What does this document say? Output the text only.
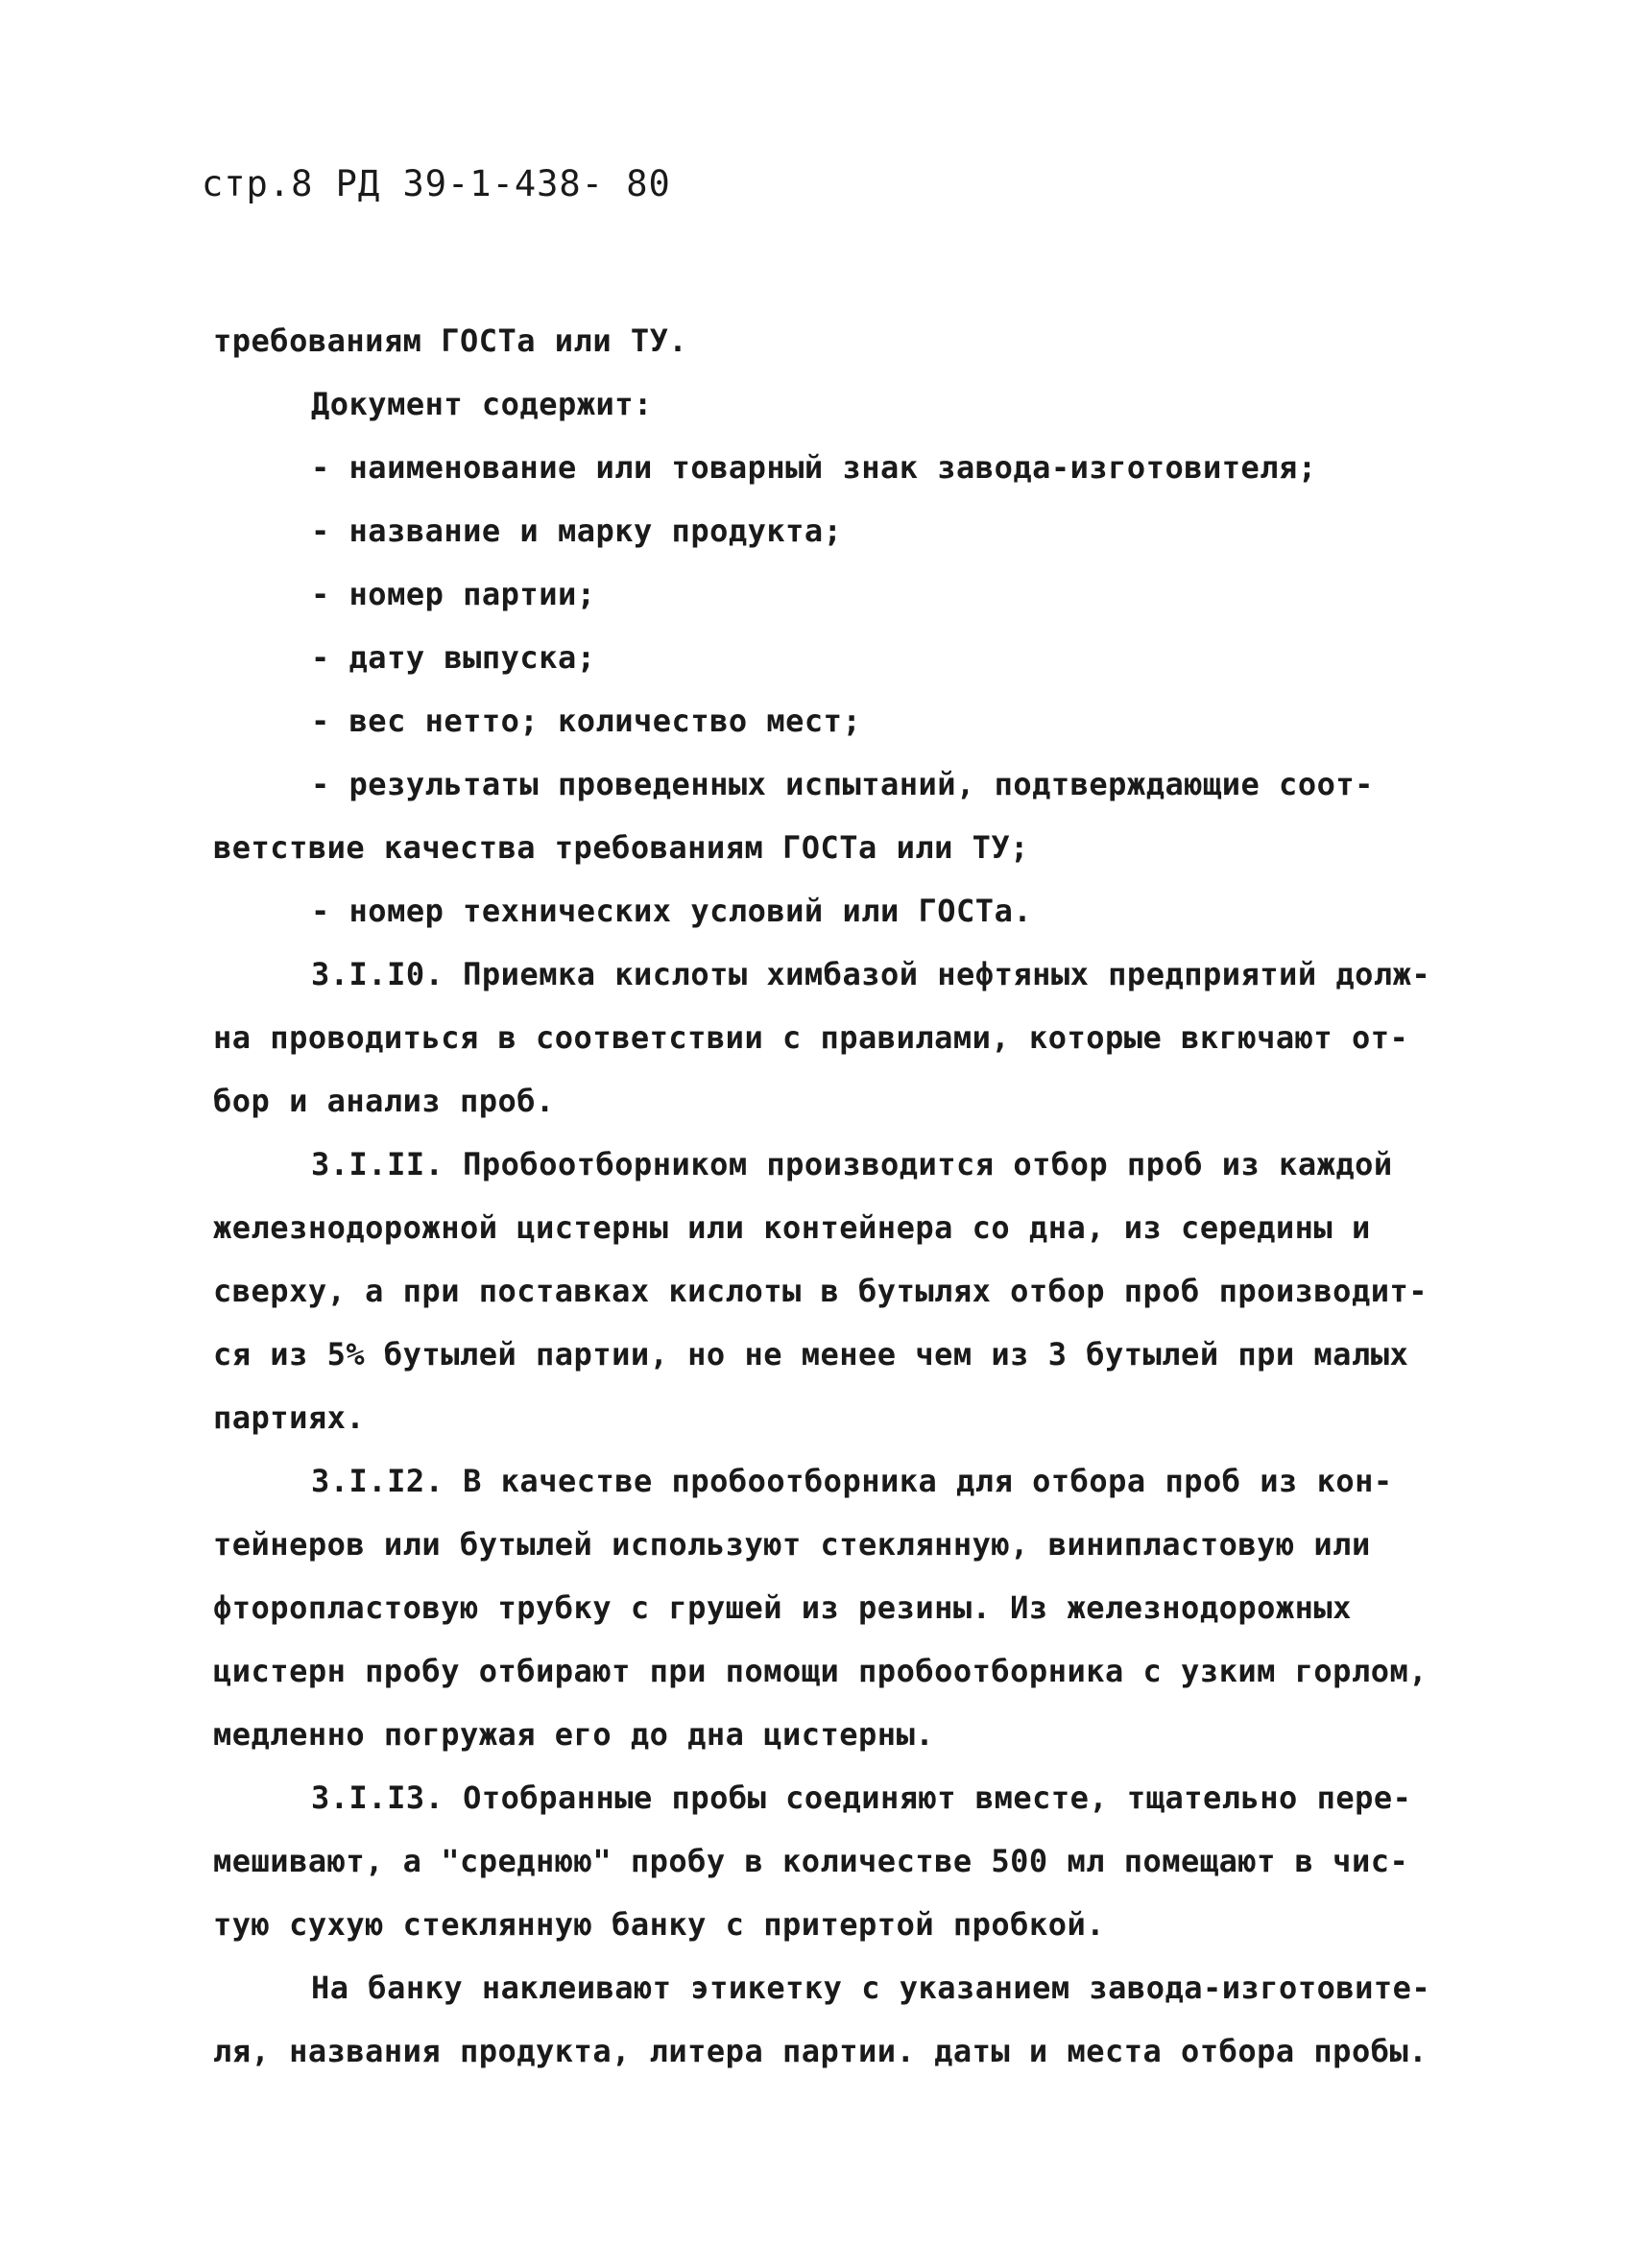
стр.8 РД 39-1-438- 80
требованиям ГОСТа или ТУ.
Документ содержит:
- наименование или товарный знак завода-изготовителя;
- название и марку продукта;
- номер партии;
- дату выпуска;
- вес нетто; количество мест;
- результаты проведенных испытаний, подтверждающие соот-
ветствие качества требованиям ГОСТа или ТУ;
- номер технических условий или ГОСТа.
3.I.I0. Приемка кислоты химбазой нефтяных предприятий долж-
на проводиться в соответствии с правилами, которые вкгючают от-
бор и анализ проб.
3.I.II. Пробоотборником производится отбор проб из каждой
железнодорожной цистерны или контейнера со дна, из середины и
сверху, а при поставках кислоты в бутылях отбор проб производит-
ся из 5% бутылей партии, но не менее чем из 3 бутылей при малых
партиях.
3.I.I2. В качестве пробоотборника для отбора проб из кон-
тейнеров или бутылей используют стеклянную, винипластовую или
фторопластовую трубку с грушей из резины. Из железнодорожных
цистерн пробу отбирают при помощи пробоотборника с узким горлом,
медленно погружая его до дна цистерны.
3.I.I3. Отобранные пробы соединяют вместе, тщательно пере-
мешивают, а "среднюю" пробу в количестве 500 мл помещают в чис-
тую сухую стеклянную банку с притертой пробкой.
На банку наклеивают этикетку с указанием завода-изготовите-
ля, названия продукта, литера партии. даты и места отбора пробы.
